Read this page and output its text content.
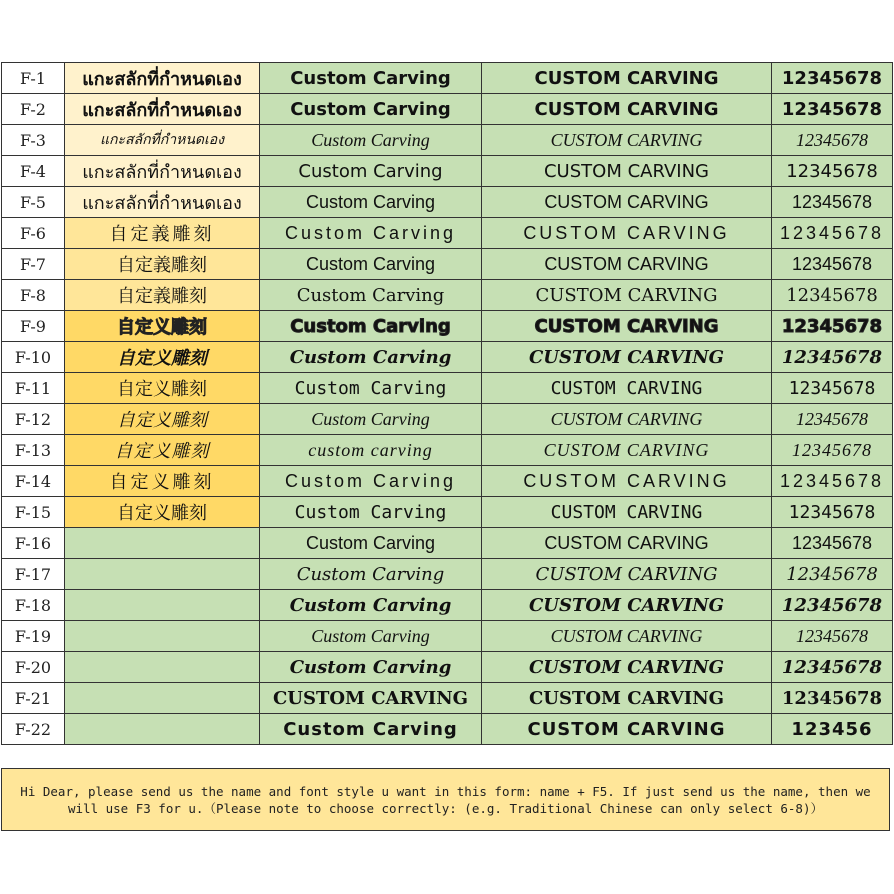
F-1	แกะสลักที่กำหนดเอง	Custom Carving	CUSTOM CARVING	12345678
F-2	แกะสลักที่กำหนดเอง	Custom Carving	CUSTOM CARVING	12345678
F-3	แกะสลักที่กำหนดเอง	Custom Carving	CUSTOM CARVING	12345678
F-4	แกะสลักที่กำหนดเอง	Custom Carving	CUSTOM CARVING	12345678
F-5	แกะสลักที่กำหนดเอง	Custom Carving	CUSTOM CARVING	12345678
F-6	自定義雕刻	Custom Carving	CUSTOM CARVING	12345678
F-7	自定義雕刻	Custom Carving	CUSTOM CARVING	12345678
F-8	自定義雕刻	Custom Carving	CUSTOM CARVING	12345678
F-9	自定义雕刻	Custom Carving	CUSTOM CARVING	12345678
F-10	自定义雕刻	Custom Carving	CUSTOM CARVING	12345678
F-11	自定义雕刻	Custom Carving	CUSTOM CARVING	12345678
F-12	自定义雕刻	Custom Carving	CUSTOM CARVING	12345678
F-13	自定义雕刻	custom carving	CUSTOM CARVING	12345678
F-14	自定义雕刻	Custom Carving	CUSTOM CARVING	12345678
F-15	自定义雕刻	Custom Carving	CUSTOM CARVING	12345678
F-16		Custom Carving	CUSTOM CARVING	12345678
F-17		Custom Carving	CUSTOM CARVING	12345678
F-18		Custom Carving	CUSTOM CARVING	12345678
F-19		Custom Carving	CUSTOM CARVING	12345678
F-20		Custom Carving	CUSTOM CARVING	12345678
F-21		CUSTOM CARVING	CUSTOM CARVING	12345678
F-22		Custom Carving	CUSTOM CARVING	123456
Hi Dear, please send us the name and font style u want in this form: name + F5. If just send us the name, then we will use F3 for u.（Please note to choose correctly: (e.g. Traditional Chinese can only select 6-8)）
